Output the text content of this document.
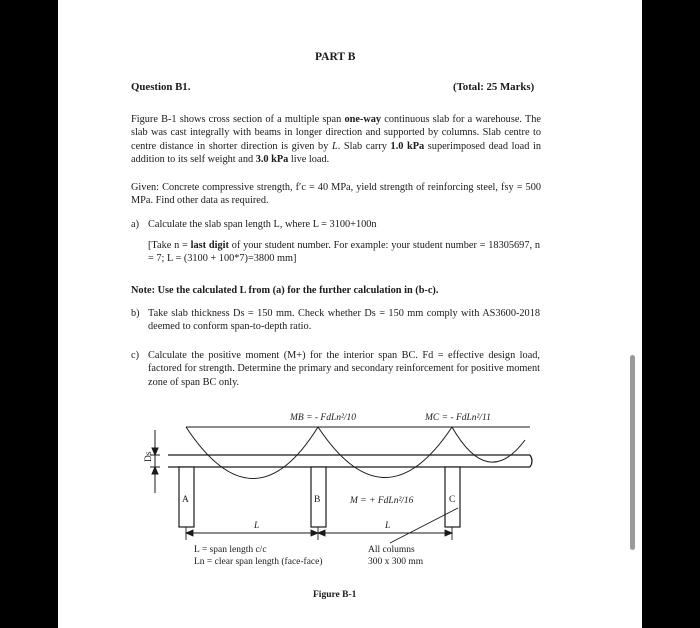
PART B
Question B1.	(Total: 25 Marks)
Figure B-1 shows cross section of a multiple span one-way continuous slab for a warehouse. The slab was cast integrally with beams in longer direction and supported by columns. Slab centre to centre distance in shorter direction is given by L. Slab carry 1.0 kPa superimposed dead load in addition to its self weight and 3.0 kPa live load.
Given: Concrete compressive strength, f′c = 40 MPa, yield strength of reinforcing steel, fsy = 500 MPa. Find other data as required.
a) Calculate the slab span length L, where L = 3100+100n
[Take n = last digit of your student number. For example: your student number = 18305697, n = 7; L = (3100 + 100*7)=3800 mm]
Note: Use the calculated L from (a) for the further calculation in (b-c).
b) Take slab thickness Ds = 150 mm. Check whether Ds = 150 mm comply with AS3600-2018 deemed to conform span-to-depth ratio.
c) Calculate the positive moment (M+) for the interior span BC. Fd = effective design load, factored for strength. Determine the primary and secondary reinforcement for positive moment zone of span BC only.
MB = - FdLn²/10	MC = - FdLn²/11
Ds
A	B	C
M = + FdLn²/16
L	L
L = span length c/c
Ln = clear span length (face-face)
All columns
300 x 300 mm
Figure B-1
